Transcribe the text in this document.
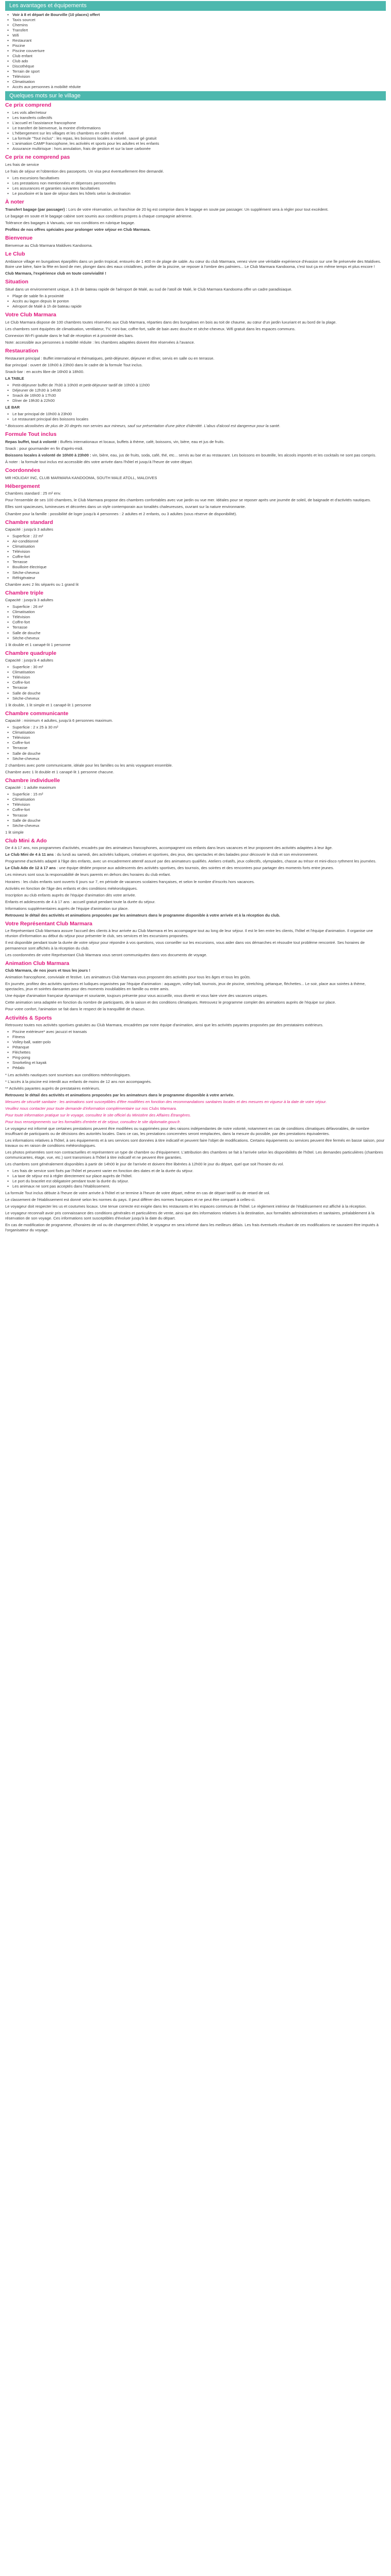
Les avantages et équipements
● Voir à 8 et départ de Bourville (10 places) offert
● Taxis sourcet
● Chemins
● Transfert
● Wifi
● Restaurant
● Piscine
● Piscine couverture
● Club enfant
● Club ado
● Discothèque
● Terrain de sport
● Télévision
● Climatisation
● Accès aux personnes à mobilité réduite
Quelques mots sur le village
Ce prix comprend
● Les vols aller/retour
● Les transferts collectifs
● L'accueil et l'assistance francophone
● Le transfert de bienvenue, la montre d'informations
● L'hébergement sur les villages et les chambres en ordre réservé
● La formule "Tout inclus" : les repas, les boissons locales à volonté, sauvé gé gratuit
● L'animation CAMP francophone, les activités et sports pour les adultes et les enfants
● Assurance multirisque : hors annulation, frais de gestion et sur la taxe carbonée
Ce prix ne comprend pas

Les frais de service

Le frais de séjour et l'obtention des passeports. Un visa peut éventuellement être demandé.

● Les excursions facultatives
● Les prestations non mentionnées et dépenses personnelles
● Les assurances et garanties suivantes facultatives
● Le pourboire et la taxe de séjour dans les hôtels selon la destination
À noter

Transfert bagage (par passager) : Lors de votre réservation, un franchise de 20 kg est comprise dans le bagage en soute par passager. Un supplément sera à régler pour tout excédent.

Le bagage en soute et le bagage cabine sont soumis aux conditions propres à chaque compagnie aérienne.

Tolérance des bagages à Vanuatu, voir nos conditions en rubrique bagage.

Profitez de nos offres spéciales pour prolonger votre séjour en Club Marmara.

Bienvenue

Bienvenue au Club Marmara Maldives Kandooma.

Le Club

Ambiance village en bungalows éparpillés dans un jardin tropical, entourés de 1 400 m de plage de sable. Au cœur du club Marmara, venez vivre une véritable expérience d'évasion sur une île préservée des Maldives. Boire une bière, faire la fête en bord de mer, plonger dans des eaux cristallines, profiter de la piscine, se reposer à l'ombre des palmiers... Le Club Marmara Kandooma, c'est tout ça en même temps et plus encore !

Club Marmara, l'expérience club en toute convivialité !

Situation

Situé dans un environnement unique, à 1h de bateau rapide de l'aéroport de Malé, au sud de l'atoll de Malé, le Club Marmara Kandooma offre un cadre paradisiaque.

● Plage de sable fin à proximité
● Accès au lagon depuis le ponton
● Aéroport de Malé à 1h de bateau rapide
Votre Club Marmara

Le Club Marmara dispose de 100 chambres toutes réservées aux Club Marmara, réparties dans des bungalows en bois au toit de chaume, au cœur d'un jardin luxuriant et au bord de la plage.

Les chambres sont équipées de climatisation, ventilateur, TV, mini-bar, coffre-fort, salle de bain avec douche et sèche-cheveux. Wifi gratuit dans les espaces communs.

Connexion Wi-Fi gratuite dans le hall de réception et à proximité des bars.

Note: accessible aux personnes à mobilité réduite : les chambres adaptées doivent être réservées à l'avance.

Restauration

Restaurant principal : Buffet international et thématiques, petit-déjeuner, déjeuner et dîner, servis en salle ou en terrasse.

Bar principal : ouvert de 10h00 à 23h00 dans le cadre de la formule Tout inclus.

Snack-bar : en accès libre de 16h00 à 18h00.

LA TABLE

● Petit-déjeuner buffet de 7h30 à 10h00 et petit-déjeuner tardif de 10h00 à 11h00
● Déjeuner de 12h30 à 14h30
● Snack de 16h00 à 17h30
● Dîner de 19h30 à 22h00

LE BAR

● Le bar principal de 10h00 à 23h00
● Le restaurant principal des boissons locales

* Boissons alcoolisées de plus de 20 degrés non servies aux mineurs, sauf sur présentation d'une pièce d'identité. L'abus d'alcool est dangereux pour la santé.

Formule Tout inclus

Repas buffet, tout à volonté : Buffets internationaux et locaux, buffets à thème, café, boissons, vin, bière, eau et jus de fruits.

Snack : pour gourmander en fin d'après-midi.

Boissons locales à volonté de 10h00 à 23h00 : vin, bière, eau, jus de fruits, soda, café, thé, etc... servis au bar et au restaurant. Les boissons en bouteille, les alcools importés et les cocktails ne sont pas compris.

À noter : la formule tout inclus est accessible dès votre arrivée dans l'hôtel et jusqu'à l'heure de votre départ.

Coordonnées

MR HOLIDAY INC, CLUB MARMARA KANDOOMA, SOUTH MALE ATOLL, MALDIVES

Hébergement

Chambres standard : 25 m² env.

Pour l'ensemble de ses 100 chambres, le Club Marmara propose des chambres confortables avec vue jardin ou vue mer. Idéales pour se reposer après une journée de soleil, de baignade et d'activités nautiques.

Elles sont spacieuses, lumineuses et décorées dans un style contemporain aux tonalités chaleureuses, ouvrant sur la nature environnante.

Chambre pour la famille : possibilité de loger jusqu'à 4 personnes : 2 adultes et 2 enfants, ou 3 adultes (sous réserve de disponibilité).

Chambre standard

Capacité : jusqu'à 3 adultes

● Superficie : 22 m²
● Air-conditionné
● Climatisation
● Télévision
● Coffre-fort
● Terrasse
● Bouilloire électrique
● Sèche-cheveux
● Réfrigérateur

Chambre avec 2 lits séparés ou 1 grand lit

Chambre triple

Capacité : jusqu'à 3 adultes

● Superficie : 26 m²
● Climatisation
● Télévision
● Coffre-fort
● Terrasse
● Salle de douche
● Sèche-cheveux

1 lit double et 1 canapé-lit 1 personne

Chambre quadruple

Capacité : jusqu'à 4 adultes

● Superficie : 30 m²
● Climatisation
● Télévision
● Coffre-fort
● Terrasse
● Salle de douche
● Sèche-cheveux

1 lit double, 1 lit simple et 1 canapé-lit 1 personne

Chambre communicante

Capacité : minimum 4 adultes, jusqu'à 6 personnes maximum.

● Superficie : 2 x 25 à 30 m²
● Climatisation
● Télévision
● Coffre-fort
● Terrasse
● Salle de douche
● Sèche-cheveux

2 chambres avec porte communicante, idéale pour les familles ou les amis voyageant ensemble.

Chambre avec 1 lit double et 1 canapé-lit 1 personne chacune.

Chambre individuelle

Capacité : 1 adulte maximum

● Superficie : 15 m²
● Climatisation
● Télévision
● Coffre-fort
● Terrasse
● Salle de douche
● Sèche-cheveux

1 lit simple

Club Mini & Ado

De 4 à 17 ans, nos programmes d'activités, encadrés par des animateurs francophones, accompagnent vos enfants dans leurs vacances et leur proposent des activités adaptées à leur âge.

Le Club Mini de 4 à 11 ans : du lundi au samedi, des activités ludiques, créatives et sportives, des jeux, des spectacles et des balades pour découvrir le club et son environnement.

Programme d'activités adapté à l'âge des enfants, avec un encadrement attentif assuré par des animateurs qualifiés. Ateliers créatifs, jeux collectifs, olympiades, chasse au trésor et mini-disco rythment les journées.

Le Club Ado de 12 à 17 ans : une équipe dédiée propose aux adolescents des activités sportives, des tournois, des soirées et des rencontres pour partager des moments forts entre jeunes.

Les mineurs sont sous la responsabilité de leurs parents en dehors des horaires du club enfant.

Horaires : les clubs enfants sont ouverts 6 jours sur 7, en période de vacances scolaires françaises, et selon le nombre d'inscrits hors vacances.

Activités en fonction de l'âge des enfants et des conditions météorologiques.

Inscription au club enfants auprès de l'équipe d'animation dès votre arrivée.

Enfants et adolescents de 4 à 17 ans : accueil gratuit pendant toute la durée du séjour.

Informations supplémentaires auprès de l'équipe d'animation sur place.

Retrouvez le détail des activités et animations proposées par les animateurs dans le programme disponible à votre arrivée et à la réception du club.

Votre Représentant Club Marmara

Le Représentant Club Marmara assure l'accueil des clients à leur arrivée au Club Marmara et les accompagne tout au long de leur séjour. Il est le lien entre les clients, l'hôtel et l'équipe d'animation. Il organise une réunion d'information au début du séjour pour présenter le club, ses services et les excursions proposées.

Il est disponible pendant toute la durée de votre séjour pour répondre à vos questions, vous conseiller sur les excursions, vous aider dans vos démarches et résoudre tout problème rencontré. Ses horaires de permanence sont affichés à la réception du club.

Les coordonnées de votre Représentant Club Marmara vous seront communiquées dans vos documents de voyage.

Animation Club Marmara

Club Marmara, de nos jours et tous les jours !

Animation francophone, conviviale et festive. Les animateurs Club Marmara vous proposent des activités pour tous les âges et tous les goûts.

En journée, profitez des activités sportives et ludiques organisées par l'équipe d'animation : aquagym, volley-ball, tournois, jeux de piscine, stretching, pétanque, fléchettes... Le soir, place aux soirées à thème, spectacles, jeux et soirées dansantes pour des moments inoubliables en famille ou entre amis.

Une équipe d'animation française dynamique et souriante, toujours présente pour vous accueillir, vous divertir et vous faire vivre des vacances uniques.

Cette animation sera adaptée en fonction du nombre de participants, de la saison et des conditions climatiques. Retrouvez le programme complet des animations auprès de l'équipe sur place.

Pour votre confort, l'animation se fait dans le respect de la tranquillité de chacun.

Activités & Sports

Retrouvez toutes nos activités sportives gratuites au Club Marmara, encadrées par notre équipe d'animation, ainsi que les activités payantes proposées par des prestataires extérieurs.

● Piscine extérieure* avec jacuzzi et transats
● Fitness
● Volley-ball, water-polo
● Pétanque
● Fléchettes
● Ping-pong
● Snorkeling et kayak
● Pédalo

* Les activités nautiques sont soumises aux conditions météorologiques.

* L'accès à la piscine est interdit aux enfants de moins de 12 ans non accompagnés.

** Activités payantes auprès de prestataires extérieurs.

Retrouvez le détail des activités et animations proposées par les animateurs dans le programme disponible à votre arrivée.

Mesures de sécurité sanitaire : les animations sont susceptibles d'être modifiées en fonction des recommandations sanitaires locales et des mesures en vigueur à la date de votre séjour.

Veuillez nous contacter pour toute demande d'information complémentaire sur nos Clubs Marmara.

Pour toute information pratique sur le voyage, consultez le site officiel du Ministère des Affaires Étrangères.

Pour tous renseignements sur les formalités d'entrée et de séjour, consultez le site diplomatie.gouv.fr.

Le voyageur est informé que certaines prestations peuvent être modifiées ou supprimées pour des raisons indépendantes de notre volonté, notamment en cas de conditions climatiques défavorables, de nombre insuffisant de participants ou de décisions des autorités locales. Dans ce cas, les prestations concernées seront remplacées, dans la mesure du possible, par des prestations équivalentes.

Les informations relatives à l'hôtel, à ses équipements et à ses services sont données à titre indicatif et peuvent faire l'objet de modifications. Certains équipements ou services peuvent être fermés en basse saison, pour travaux ou en raison de conditions météorologiques.

Les photos présentées sont non contractuelles et représentent un type de chambre ou d'équipement. L'attribution des chambres se fait à l'arrivée selon les disponibilités de l'hôtel. Les demandes particulières (chambres communicantes, étage, vue, etc.) sont transmises à l'hôtel à titre indicatif et ne peuvent être garanties.

Les chambres sont généralement disponibles à partir de 14h00 le jour de l'arrivée et doivent être libérées à 12h00 le jour du départ, quel que soit l'horaire du vol.

● Les frais de service sont fixés par l'hôtel et peuvent varier en fonction des dates et de la durée du séjour.
● La taxe de séjour est à régler directement sur place auprès de l'hôtel.
● Le port du bracelet est obligatoire pendant toute la durée du séjour.
● Les animaux ne sont pas acceptés dans l'établissement.

La formule Tout inclus débute à l'heure de votre arrivée à l'hôtel et se termine à l'heure de votre départ, même en cas de départ tardif ou de retard de vol.

Le classement de l'établissement est donné selon les normes du pays. Il peut différer des normes françaises et ne peut être comparé à celles-ci.

Le voyageur doit respecter les us et coutumes locaux. Une tenue correcte est exigée dans les restaurants et les espaces communs de l'hôtel. Le règlement intérieur de l'établissement est affiché à la réception.

Le voyageur reconnaît avoir pris connaissance des conditions générales et particulières de vente, ainsi que des informations relatives à la destination, aux formalités administratives et sanitaires, préalablement à la réservation de son voyage. Ces informations sont susceptibles d'évoluer jusqu'à la date du départ.

En cas de modification de programme, d'horaires de vol ou de changement d'hôtel, le voyageur en sera informé dans les meilleurs délais. Les frais éventuels résultant de ces modifications ne sauraient être imputés à l'organisateur du voyage.
